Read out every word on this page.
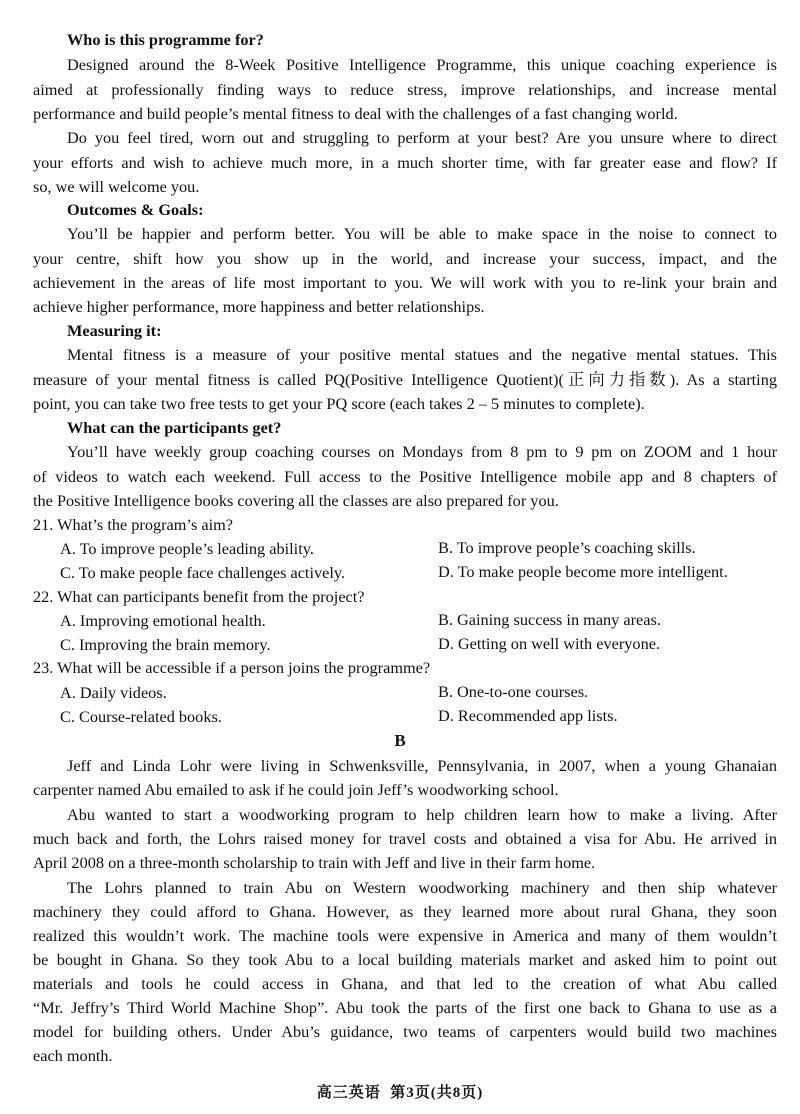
Who is this programme for?
Designed around the 8-Week Positive Intelligence Programme, this unique coaching experience is
aimed at professionally finding ways to reduce stress, improve relationships, and increase mental
performance and build people’s mental fitness to deal with the challenges of a fast changing world.
Do you feel tired, worn out and struggling to perform at your best? Are you unsure where to direct
your efforts and wish to achieve much more, in a much shorter time, with far greater ease and flow? If
so, we will welcome you.
Outcomes & Goals:
You’ll be happier and perform better. You will be able to make space in the noise to connect to
your centre, shift how you show up in the world, and increase your success, impact, and the
achievement in the areas of life most important to you. We will work with you to re-link your brain and
achieve higher performance, more happiness and better relationships.
Measuring it:
Mental fitness is a measure of your positive mental statues and the negative mental statues. This
measure of your mental fitness is called PQ(Positive Intelligence Quotient)(正向力指数). As a starting
point, you can take two free tests to get your PQ score (each takes 2 – 5 minutes to complete).
What can the participants get?
You’ll have weekly group coaching courses on Mondays from 8 pm to 9 pm on ZOOM and 1 hour
of videos to watch each weekend. Full access to the Positive Intelligence mobile app and 8 chapters of
the Positive Intelligence books covering all the classes are also prepared for you.
21. What’s the program’s aim?
A. To improve people’s leading ability.	B. To improve people’s coaching skills.
C. To make people face challenges actively.	D. To make people become more intelligent.
22. What can participants benefit from the project?
A. Improving emotional health.	B. Gaining success in many areas.
C. Improving the brain memory.	D. Getting on well with everyone.
23. What will be accessible if a person joins the programme?
A. Daily videos.	B. One-to-one courses.
C. Course-related books.	D. Recommended app lists.
B
Jeff and Linda Lohr were living in Schwenksville, Pennsylvania, in 2007, when a young Ghanaian
carpenter named Abu emailed to ask if he could join Jeff’s woodworking school.
Abu wanted to start a woodworking program to help children learn how to make a living. After
much back and forth, the Lohrs raised money for travel costs and obtained a visa for Abu. He arrived in
April 2008 on a three-month scholarship to train with Jeff and live in their farm home.
The Lohrs planned to train Abu on Western woodworking machinery and then ship whatever
machinery they could afford to Ghana. However, as they learned more about rural Ghana, they soon
realized this wouldn’t work. The machine tools were expensive in America and many of them wouldn’t
be bought in Ghana. So they took Abu to a local building materials market and asked him to point out
materials and tools he could access in Ghana, and that led to the creation of what Abu called
“Mr. Jeffry’s Third World Machine Shop”. Abu took the parts of the first one back to Ghana to use as a
model for building others. Under Abu’s guidance, two teams of carpenters would build two machines
each month.
高三英语  第3页(共8页)
